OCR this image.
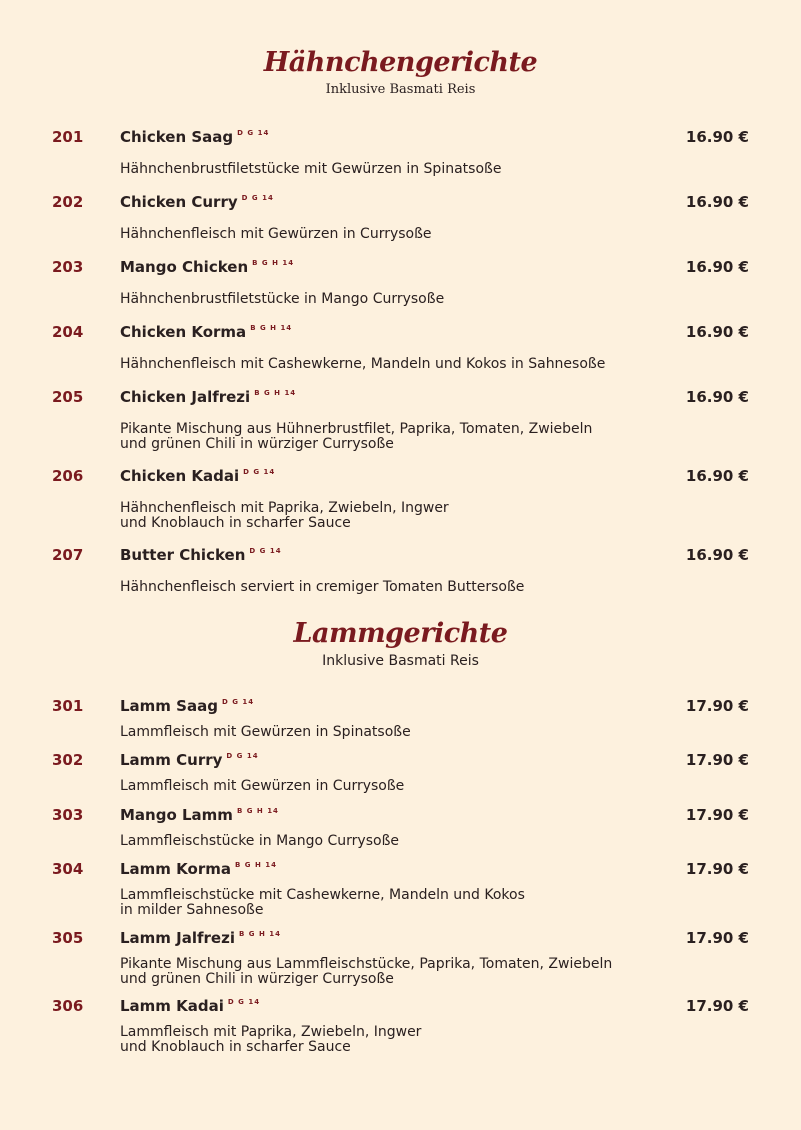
Hähnchengerichte
Inklusive Basmati Reis
201 Chicken Saag $^{D G 14}$	16.90 €
Hähnchenbrustfiletstücke mit Gewürzen in Spinatsoße
202 Chicken Curry $^{D G 14}$	16.90 €
Hähnchenfleisch mit Gewürzen in Currysoße
203 Mango Chicken $^{B G H 14}$	16.90 €
Hähnchenbrustfiletstücke in Mango Currysoße
204 Chicken Korma $^{B G H 14}$	16.90 €
Hähnchenfleisch mit Cashewkerne, Mandeln und Kokos in Sahnesoße
205 Chicken Jalfrezi $^{B G H 14}$	16.90 €
Pikante Mischung aus Hühnerbrustfilet, Paprika, Tomaten, Zwiebeln
und grünen Chili in würziger Currysoße
206 Chicken Kadai $^{D G 14}$	16.90 €
Hähnchenfleisch mit Paprika, Zwiebeln, Ingwer
und Knoblauch in scharfer Sauce
207 Butter Chicken $^{D G 14}$	16.90 €
Hähnchenfleisch serviert in cremiger Tomaten Buttersoße
Lammgerichte
Inklusive Basmati Reis
301 Lamm Saag $^{D G 14}$	17.90 €
Lammfleisch mit Gewürzen in Spinatsoße
302 Lamm Curry $^{D G 14}$	17.90 €
Lammfleisch mit Gewürzen in Currysoße
303 Mango Lamm $^{B G H 14}$	17.90 €
Lammfleischstücke in Mango Currysoße
304 Lamm Korma $^{B G H 14}$	17.90 €
Lammfleischstücke mit Cashewkerne, Mandeln und Kokos
in milder Sahnesoße
305 Lamm Jalfrezi $^{B G H 14}$	17.90 €
Pikante Mischung aus Lammfleischstücke, Paprika, Tomaten, Zwiebeln
und grünen Chili in würziger Currysoße
306 Lamm Kadai $^{D G 14}$	17.90 €
Lammfleisch mit Paprika, Zwiebeln, Ingwer
und Knoblauch in scharfer Sauce
